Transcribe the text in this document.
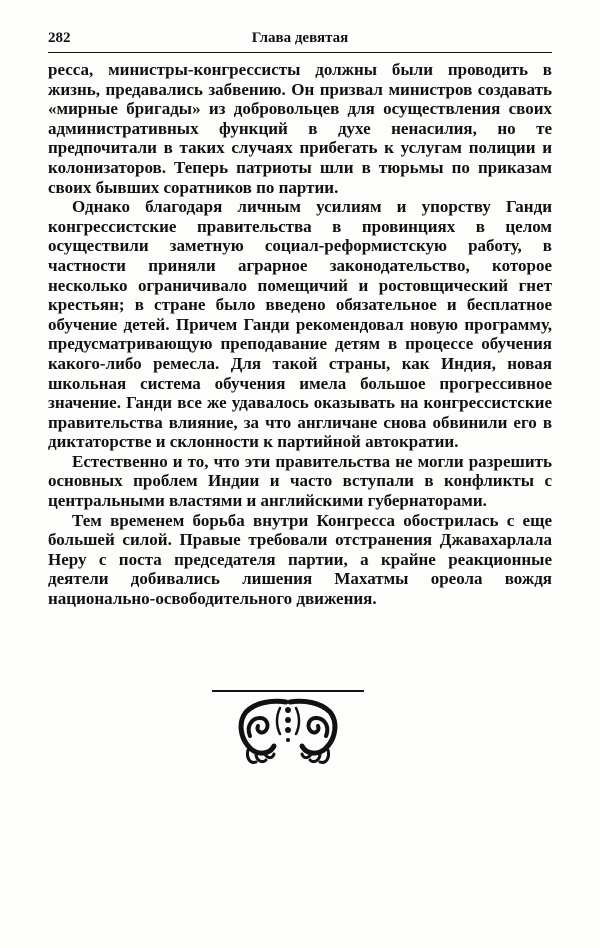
282	Глава девятая

ресса, министры-конгрессисты должны были проводить в жизнь, предавались забвению. Он призвал министров создавать «мирные бригады» из добровольцев для осуществления своих административных функций в духе ненасилия, но те предпочитали в таких случаях прибегать к услугам полиции и колонизаторов. Теперь патриоты шли в тюрьмы по приказам своих бывших соратников по партии.

Однако благодаря личным усилиям и упорству Ганди конгрессистские правительства в провинциях в целом осуществили заметную социал-реформистскую работу, в частности приняли аграрное законодательство, которое несколько ограничивало помещичий и ростовщический гнет крестьян; в стране было введено обязательное и бесплатное обучение детей. Причем Ганди рекомендовал новую программу, предусматривающую преподавание детям в процессе обучения какого-либо ремесла. Для такой страны, как Индия, новая школьная система обучения имела большое прогрессивное значение. Ганди все же удавалось оказывать на конгрессистские правительства влияние, за что англичане снова обвинили его в диктаторстве и склонности к партийной автократии.

Естественно и то, что эти правительства не могли разрешить основных проблем Индии и часто вступали в конфликты с центральными властями и английскими губернаторами.

Тем временем борьба внутри Конгресса обострилась с еще большей силой. Правые требовали отстранения Джавахарлала Неру с поста председателя партии, а крайне реакционные деятели добивались лишения Махатмы ореола вождя национально-освободительного движения.
